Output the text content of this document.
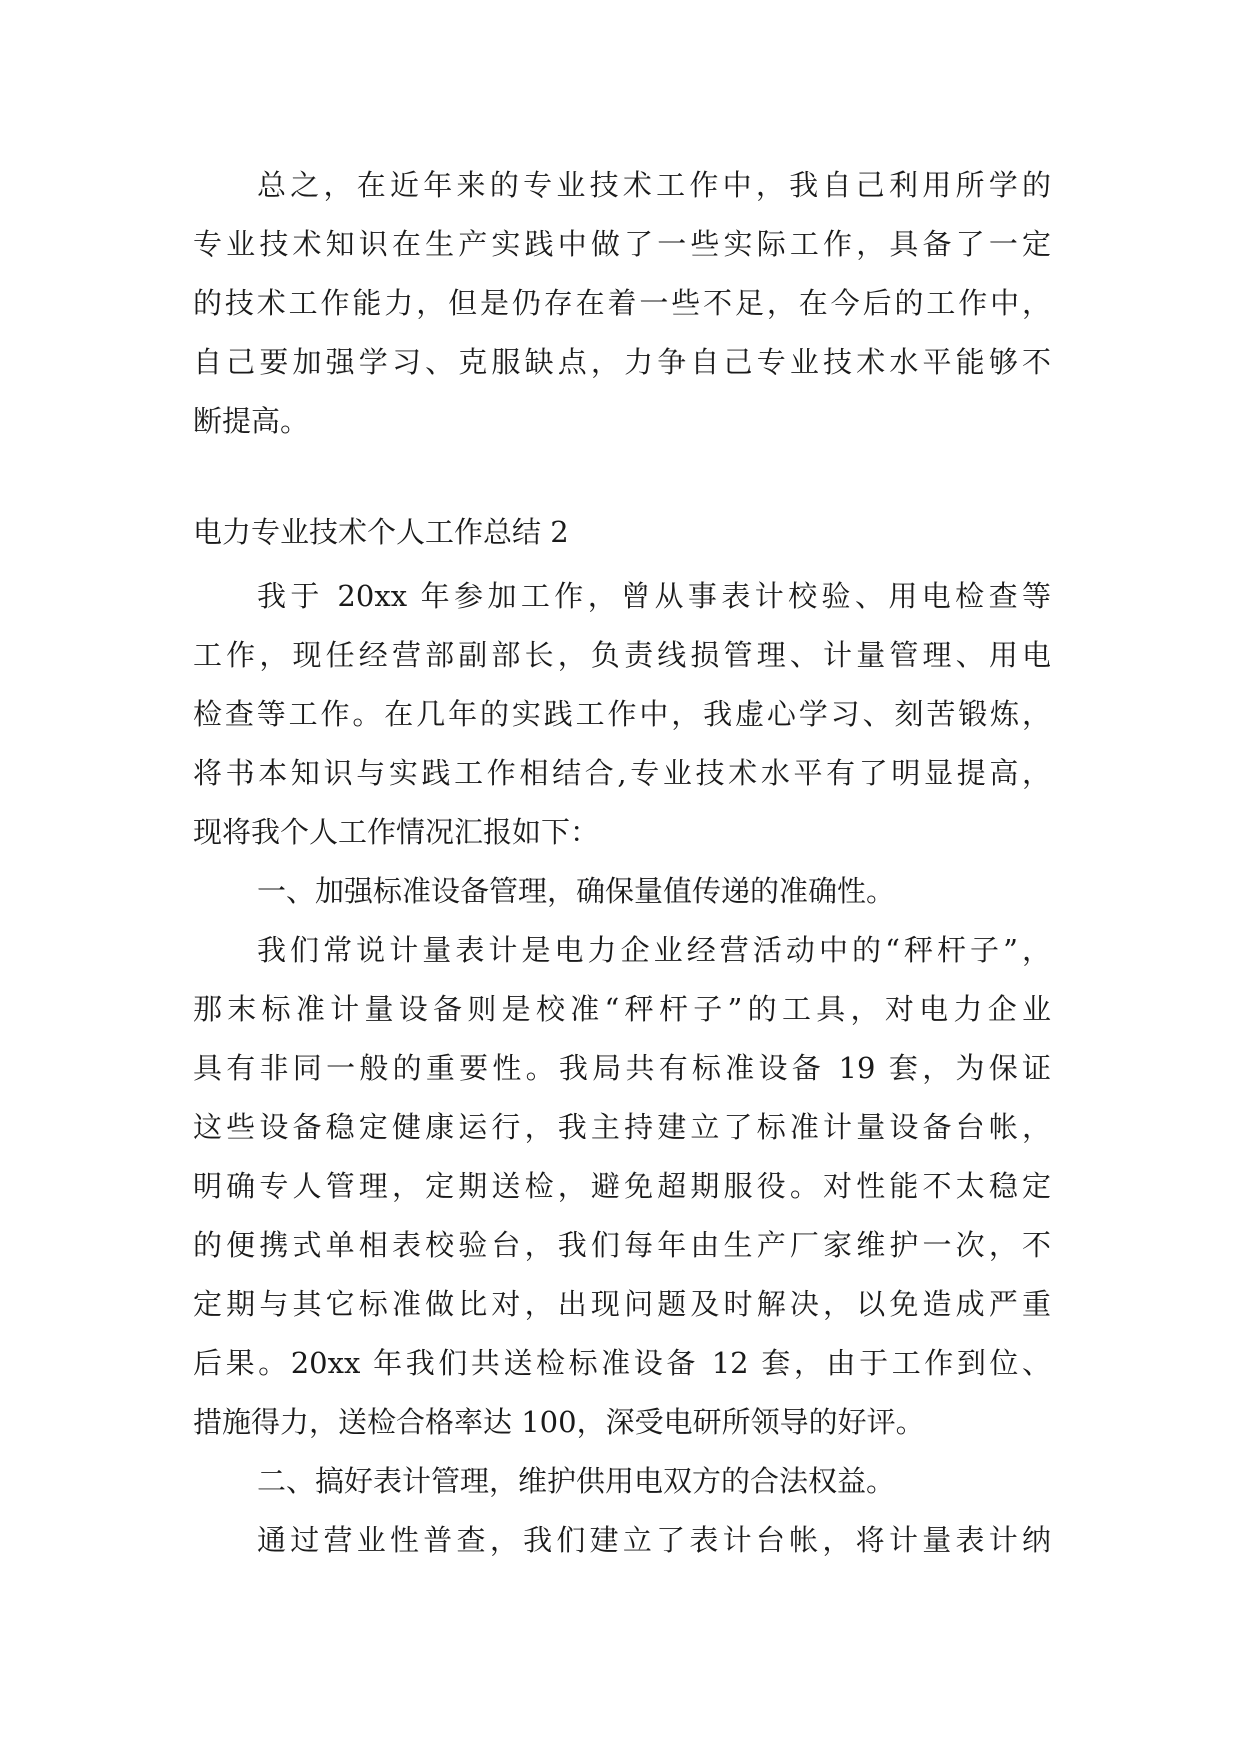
总之，在近年来的专业技术工作中，我自己利用所学的
专业技术知识在生产实践中做了一些实际工作，具备了一定
的技术工作能力，但是仍存在着一些不足，在今后的工作中，
自己要加强学习、克服缺点，力争自己专业技术水平能够不
断提高。
电力专业技术个人工作总结 2
我于 20xx 年参加工作，曾从事表计校验、用电检查等
工作，现任经营部副部长，负责线损管理、计量管理、用电
检查等工作。在几年的实践工作中，我虚心学习、刻苦锻炼，
将书本知识与实践工作相结合,专业技术水平有了明显提高，
现将我个人工作情况汇报如下：
一、加强标准设备管理，确保量值传递的准确性。
我们常说计量表计是电力企业经营活动中的“秤杆子”，
那末标准计量设备则是校准“秤杆子”的工具，对电力企业
具有非同一般的重要性。我局共有标准设备 19 套，为保证
这些设备稳定健康运行，我主持建立了标准计量设备台帐，
明确专人管理，定期送检，避免超期服役。对性能不太稳定
的便携式单相表校验台，我们每年由生产厂家维护一次，不
定期与其它标准做比对，出现问题及时解决，以免造成严重
后果。20xx 年我们共送检标准设备 12 套，由于工作到位、
措施得力，送检合格率达 100，深受电研所领导的好评。
二、搞好表计管理，维护供用电双方的合法权益。
通过营业性普查，我们建立了表计台帐，将计量表计纳
